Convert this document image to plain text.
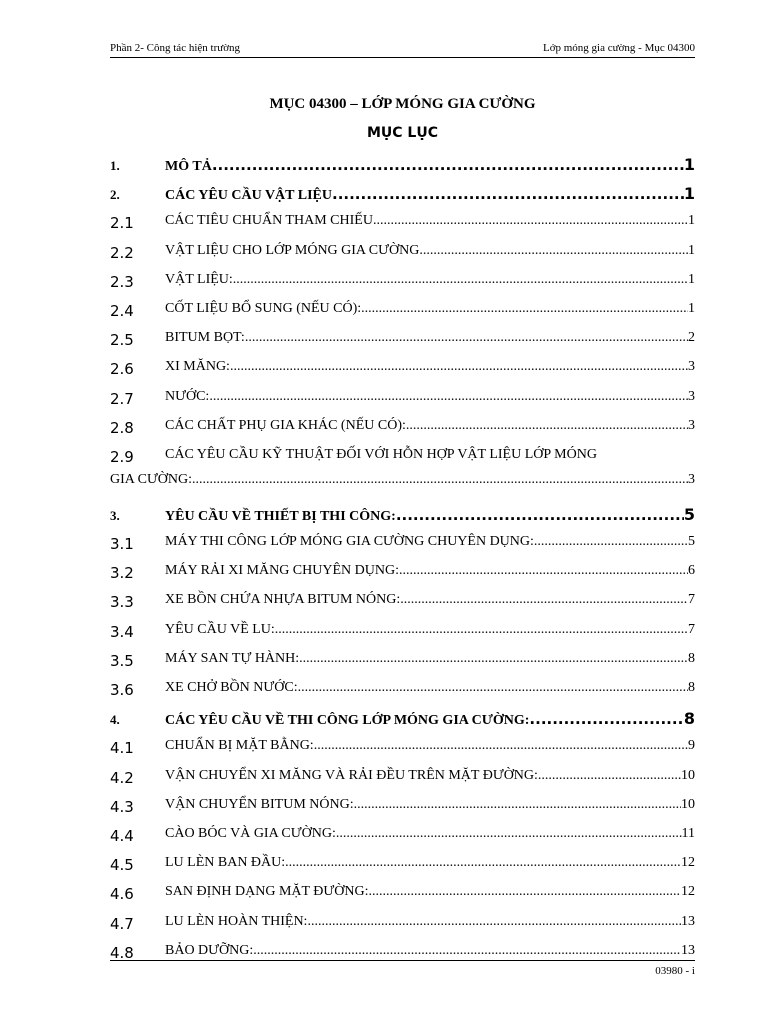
Phần 2- Công tác hiện trường	Lớp móng gia cường - Mục 04300
MỤC 04300 – LỚP MÓNG GIA CƯỜNG
MỤC LỤC
1.	MÔ TẢ .....	1
2.	CÁC YÊU CẦU VẬT LIỆU .....	1
2.1 CÁC TIÊU CHUẨN THAM CHIẾU .....	1
2.2 VẬT LIỆU CHO LỚP MÓNG GIA CƯỜNG .....	1
2.3 VẬT LIỆU: .....	1
2.4 CỐT LIỆU BỔ SUNG (NẾU CÓ): .....	1
2.5 BITUM BỌT: .....	2
2.6 XI MĂNG: .....	3
2.7 NƯỚC: .....	3
2.8 CÁC CHẤT PHỤ GIA KHÁC (NẾU CÓ): .....	3
2.9 CÁC YÊU CẦU KỸ THUẬT ĐỐI VỚI HỖN HỢP VẬT LIỆU LỚP MÓNG
GIA CƯỜNG: .....	3
3.	YÊU CẦU VỀ THIẾT BỊ THI CÔNG: .....	5
3.1 MÁY THI CÔNG LỚP MÓNG GIA CƯỜNG CHUYÊN DỤNG: .....	5
3.2 MÁY RẢI XI MĂNG CHUYÊN DỤNG: .....	6
3.3 XE BỒN CHỨA NHỰA BITUM NÓNG: .....	7
3.4 YÊU CẦU VỀ LU: .....	7
3.5 MÁY SAN TỰ HÀNH: .....	8
3.6 XE CHỞ BỒN NƯỚC: .....	8
4.	CÁC YÊU CẦU VỀ THI CÔNG LỚP MÓNG GIA CƯỜNG: .....	8
4.1 CHUẨN BỊ MẶT BẰNG: .....	9
4.2 VẬN CHUYỂN XI MĂNG VÀ RẢI ĐỀU TRÊN MẶT ĐƯỜNG: .....	10
4.3 VẬN CHUYỂN BITUM NÓNG: .....	10
4.4 CÀO BÓC VÀ GIA CƯỜNG: .....	11
4.5 LU LÈN BAN ĐẦU: .....	12
4.6 SAN ĐỊNH DẠNG MẶT ĐƯỜNG: .....	12
4.7 LU LÈN HOÀN THIỆN: .....	13
4.8 BẢO DƯỠNG: .....	13
03980 - i
